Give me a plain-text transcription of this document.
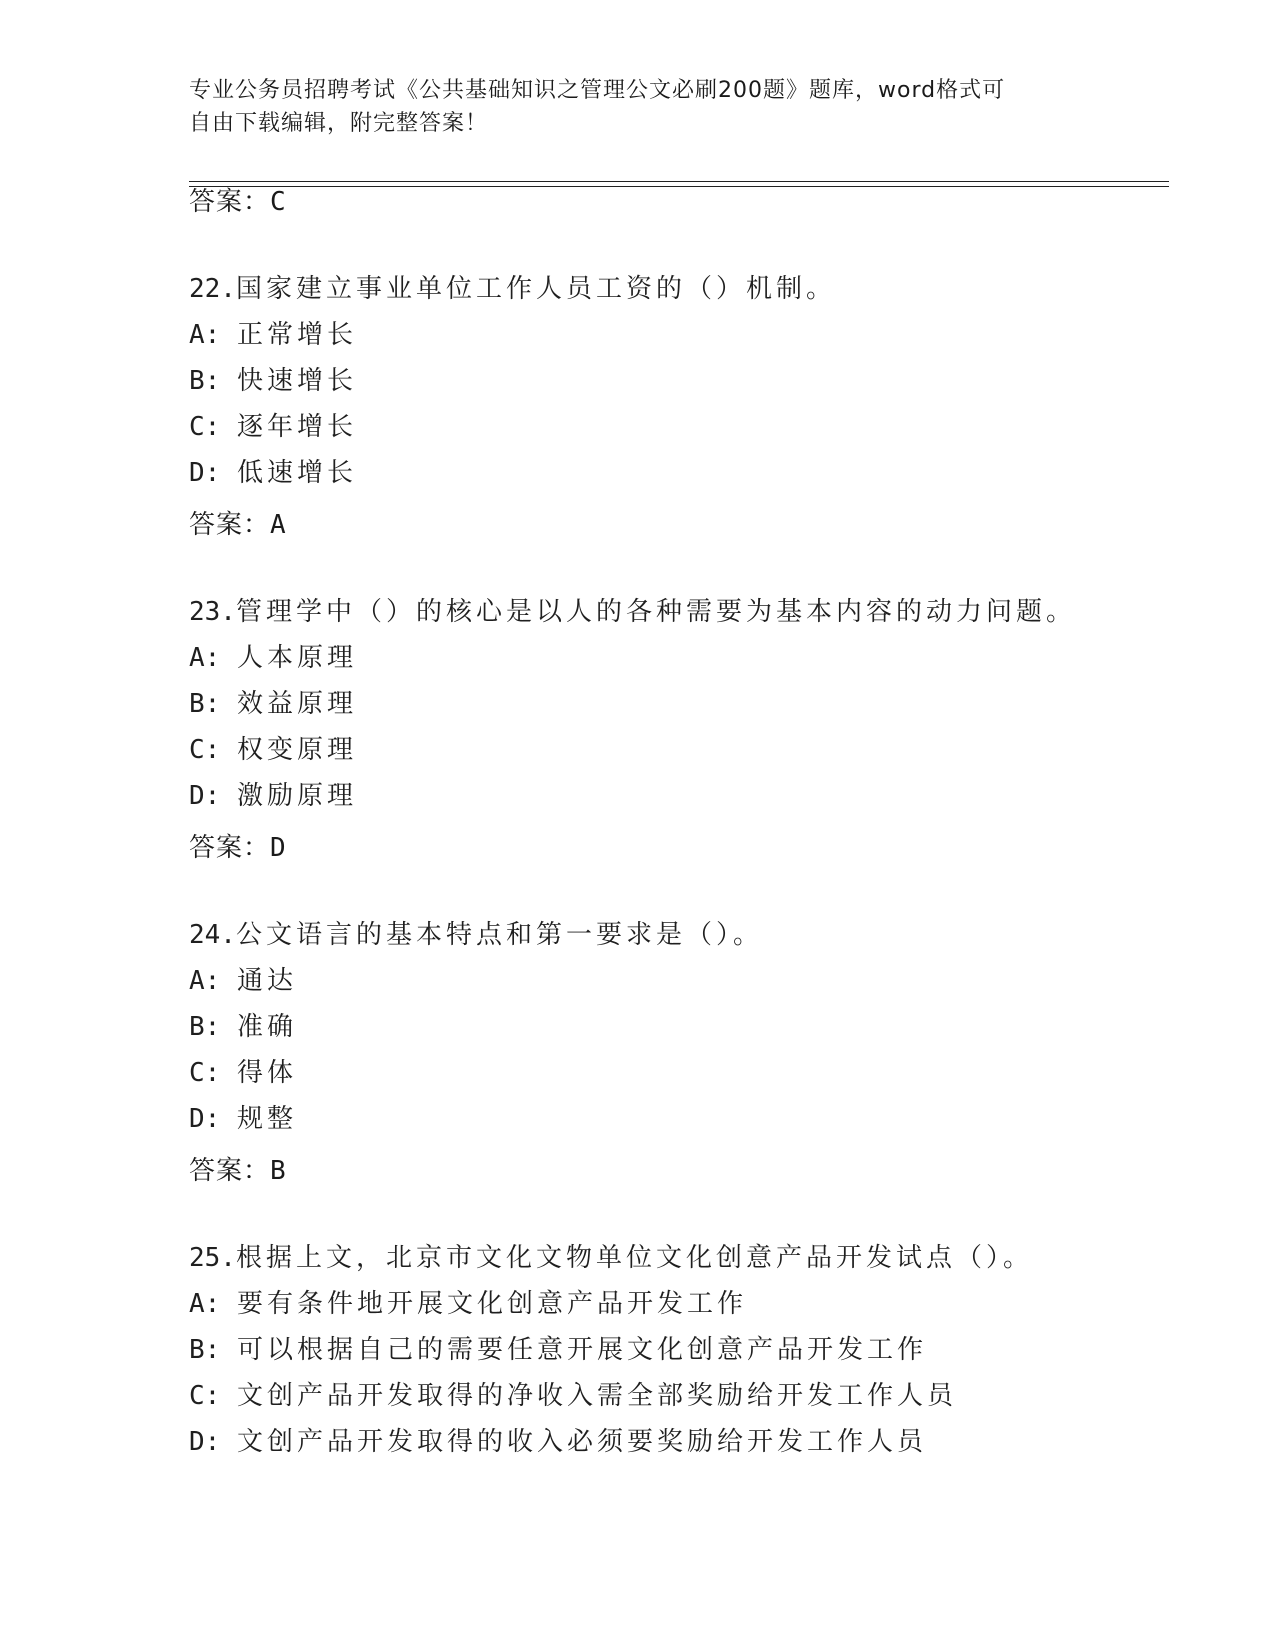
专业公务员招聘考试《公共基础知识之管理公文必刷200题》题库，word格式可
自由下载编辑，附完整答案！
答案：C
22.国家建立事业单位工作人员工资的（）机制。
A: 正常增长
B: 快速增长
C: 逐年增长
D: 低速增长
答案：A
23.管理学中（）的核心是以人的各种需要为基本内容的动力问题。
A: 人本原理
B: 效益原理
C: 权变原理
D: 激励原理
答案：D
24.公文语言的基本特点和第一要求是（）。
A: 通达
B: 准确
C: 得体
D: 规整
答案：B
25.根据上文，北京市文化文物单位文化创意产品开发试点（）。
A: 要有条件地开展文化创意产品开发工作
B: 可以根据自己的需要任意开展文化创意产品开发工作
C: 文创产品开发取得的净收入需全部奖励给开发工作人员
D: 文创产品开发取得的收入必须要奖励给开发工作人员
